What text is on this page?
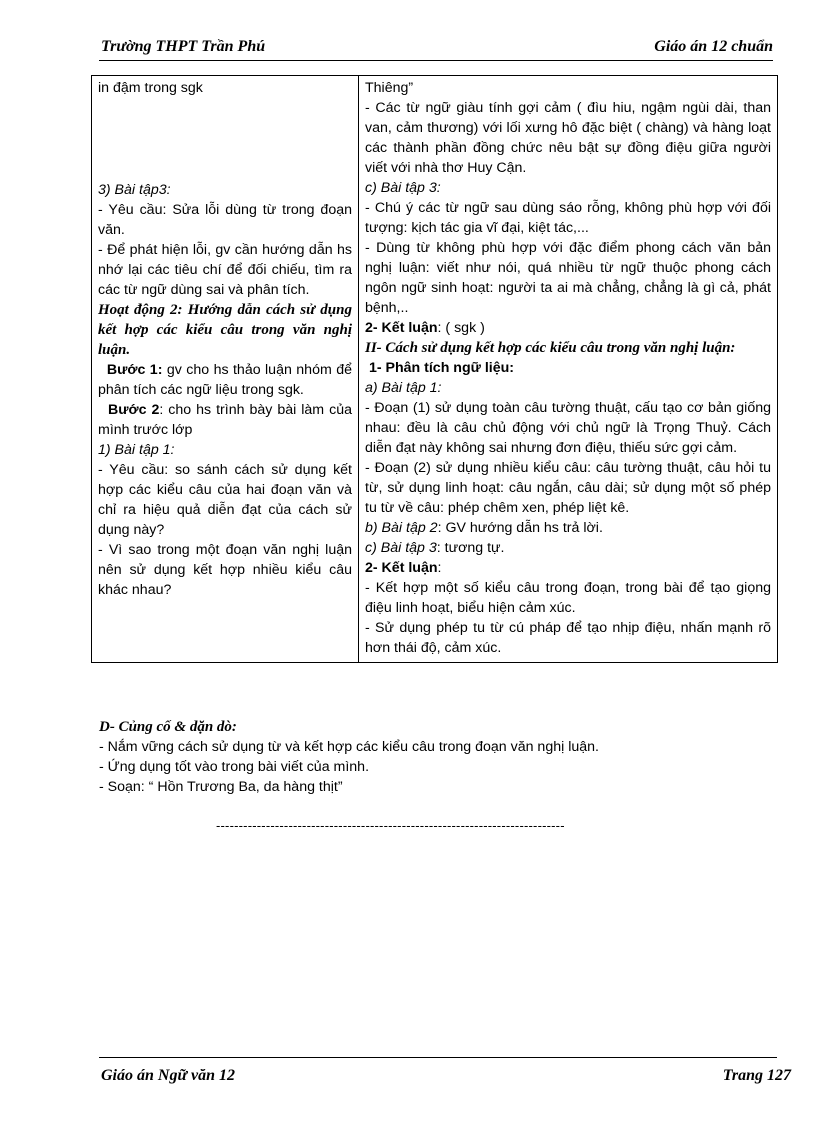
Trường THPT Trần Phú	Giáo án 12 chuẩn
in đậm trong sgk
3) Bài tập3:
- Yêu cầu: Sửa lỗi dùng từ trong đoạn văn.
- Để phát hiện lỗi, gv cần hướng dẫn hs nhớ lại các tiêu chí để đối chiếu, tìm ra các từ ngữ dùng sai và phân tích.
Hoạt động 2: Hướng dẫn cách sử dụng kết hợp các kiểu câu trong văn nghị luận.
Bước 1: gv cho hs thảo luận nhóm để phân tích các ngữ liệu trong sgk.
Bước 2: cho hs trình bày bài làm của mình trước lớp
1) Bài tập 1:
- Yêu cầu: so sánh cách sử dụng kết hợp các kiểu câu của hai đoạn văn và chỉ ra hiệu quả diễn đạt của cách sử dụng này?
- Vì sao trong một đoạn văn nghị luận nên sử dụng kết hợp nhiều kiểu câu khác nhau?

Thiêng”
- Các từ ngữ giàu tính gợi cảm ( đìu hiu, ngậm ngùi dài, than van, cảm thương) với lối xưng hô đặc biệt ( chàng) và hàng loạt các thành phần đồng chức nêu bật sự đồng điệu giữa người viết với nhà thơ Huy Cận.
c) Bài tập 3:
- Chú ý các từ ngữ sau dùng sáo rỗng, không phù hợp với đối tượng: kịch tác gia vĩ đại, kiệt tác,...
- Dùng từ không phù hợp với đặc điểm phong cách văn bản nghị luận: viết như nói, quá nhiều từ ngữ thuộc phong cách ngôn ngữ sinh hoạt: người ta ai mà chẳng, chẳng là gì cả, phát bệnh,..
2- Kết luận: ( sgk )
II- Cách sử dụng kết hợp các kiểu câu trong văn nghị luận:
1- Phân tích ngữ liệu:
a) Bài tập 1:
- Đoạn (1) sử dụng toàn câu tường thuật, cấu tạo cơ bản giống nhau: đều là câu chủ động với chủ ngữ là Trọng Thuỷ. Cách diễn đạt này không sai nhưng đơn điệu, thiếu sức gợi cảm.
- Đoạn (2) sử dụng nhiều kiểu câu: câu tường thuật, câu hỏi tu từ, sử dụng linh hoạt: câu ngắn, câu dài; sử dụng một số phép tu từ về câu: phép chêm xen, phép liệt kê.
b) Bài tập 2: GV hướng dẫn hs trả lời.
c) Bài tập 3: tương tự.
2- Kết luận:
- Kết hợp một số kiểu câu trong đoạn, trong bài để tạo giọng điệu linh hoạt, biểu hiện cảm xúc.
- Sử dụng phép tu từ cú pháp để tạo nhịp điệu, nhấn mạnh rõ hơn thái độ, cảm xúc.
D- Củng cố & dặn dò:
- Nắm vững cách sử dụng từ và kết hợp các kiểu câu trong đoạn văn nghị luận.
- Ứng dụng tốt vào trong bài viết của mình.
- Soạn: “ Hồn Trương Ba, da hàng thịt”
-----------------------------------------------------------------------------
Giáo án Ngữ văn 12	Trang 127
